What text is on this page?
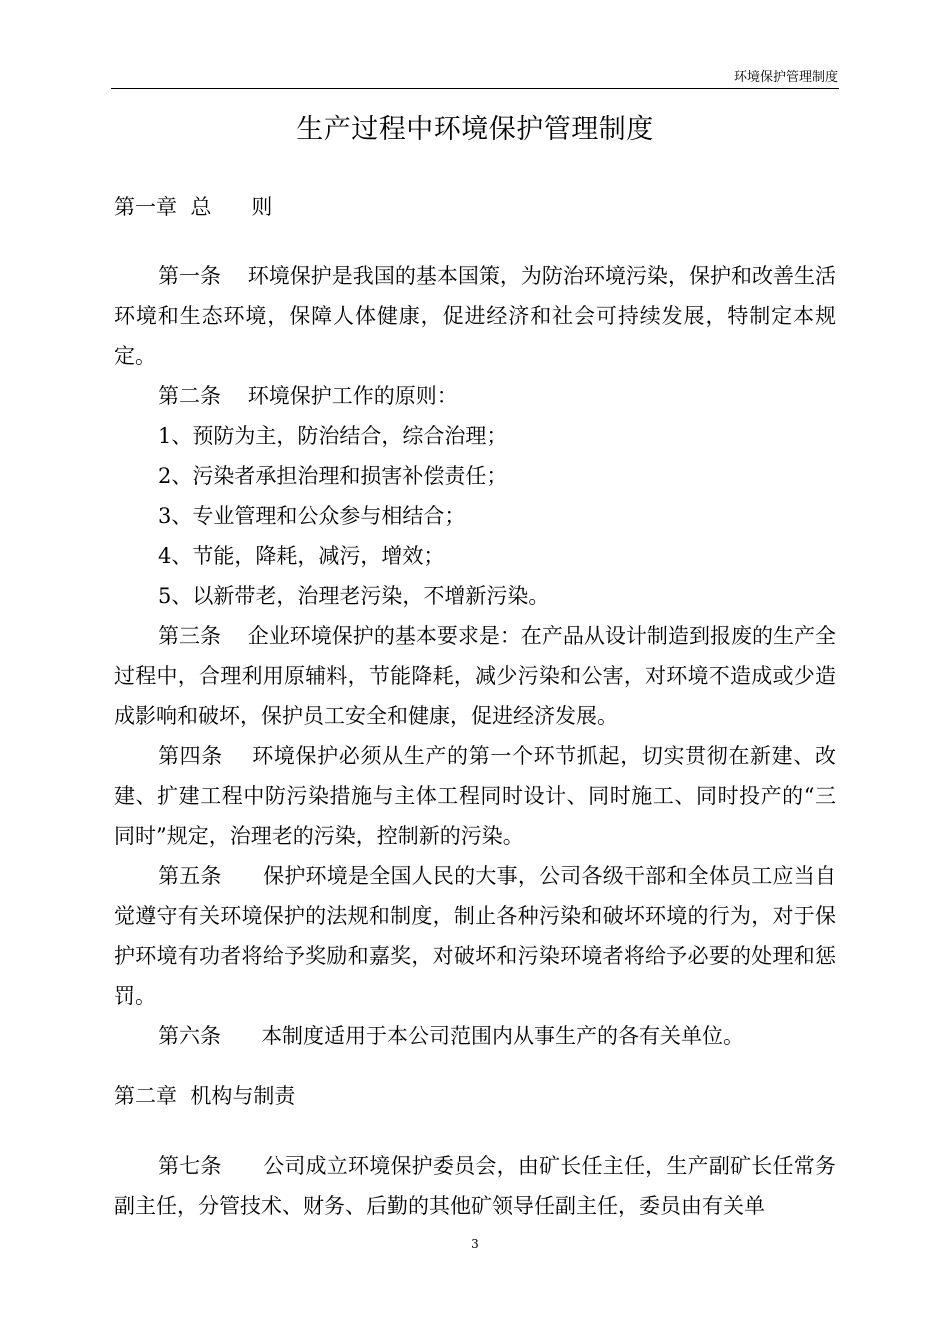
环境保护管理制度
生产过程中环境保护管理制度
第一章  总      则

第一条    环境保护是我国的基本国策，为防治环境污染，保护和改善生活环境和生态环境，保障人体健康，促进经济和社会可持续发展，特制定本规定。

第二条    环境保护工作的原则：

1、预防为主，防治结合，综合治理；

2、污染者承担治理和损害补偿责任；

3、专业管理和公众参与相结合；

4、节能，降耗，减污，增效；

5、以新带老，治理老污染，不增新污染。

第三条    企业环境保护的基本要求是：在产品从设计制造到报废的生产全过程中，合理利用原辅料，节能降耗，减少污染和公害，对环境不造成或少造成影响和破坏，保护员工安全和健康，促进经济发展。

第四条    环境保护必须从生产的第一个环节抓起，切实贯彻在新建、改建、扩建工程中防污染措施与主体工程同时设计、同时施工、同时投产的“三同时”规定，治理老的污染，控制新的污染。

第五条      保护环境是全国人民的大事，公司各级干部和全体员工应当自觉遵守有关环境保护的法规和制度，制止各种污染和破坏环境的行为，对于保护环境有功者将给予奖励和嘉奖，对破坏和污染环境者将给予必要的处理和惩罚。

第六条      本制度适用于本公司范围内从事生产的各有关单位。

第二章  机构与制责

第七条      公司成立环境保护委员会，由矿长任主任，生产副矿长任常务副主任，分管技术、财务、后勤的其他矿领导任副主任，委员由有关单

3
